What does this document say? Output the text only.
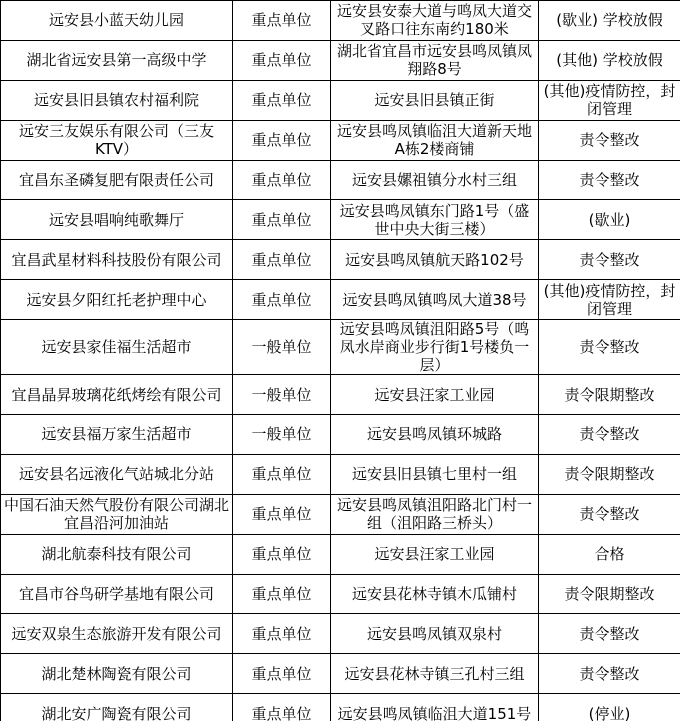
远安县小蓝天幼儿园	重点单位	远安县安泰大道与鸣凤大道交叉路口往东南约180米	(歇业) 学校放假
湖北省远安县第一高级中学	重点单位	湖北省宜昌市远安县鸣凤镇凤翔路8号	(其他) 学校放假
远安县旧县镇农村福利院	重点单位	远安县旧县镇正街	(其他)疫情防控，封闭管理
远安三友娱乐有限公司（三友KTV）	重点单位	远安县鸣凤镇临沮大道新天地A栋2楼商铺	责令整改
宜昌东圣磷复肥有限责任公司	重点单位	远安县嫘祖镇分水村三组	责令整改
远安县唱响纯歌舞厅	重点单位	远安县鸣凤镇东门路1号（盛世中央大街三楼）	(歇业)
宜昌武星材料科技股份有限公司	重点单位	远安县鸣凤镇航天路102号	责令整改
远安县夕阳红托老护理中心	重点单位	远安县鸣凤镇鸣凤大道38号	(其他)疫情防控，封闭管理
远安县家佳福生活超市	一般单位	远安县鸣凤镇沮阳路5号（鸣凤水岸商业步行街1号楼负一层）	责令整改
宜昌晶昇玻璃花纸烤绘有限公司	一般单位	远安县汪家工业园	责令限期整改
远安县福万家生活超市	一般单位	远安县鸣凤镇环城路	责令整改
远安县名远液化气站城北分站	重点单位	远安县旧县镇七里村一组	责令限期整改
中国石油天然气股份有限公司湖北宜昌沿河加油站	重点单位	远安县鸣凤镇沮阳路北门村一组（沮阳路三桥头）	责令整改
湖北航泰科技有限公司	重点单位	远安县汪家工业园	合格
宜昌市谷鸟研学基地有限公司	重点单位	远安县花林寺镇木瓜铺村	责令限期整改
远安双泉生态旅游开发有限公司	重点单位	远安县鸣凤镇双泉村	责令整改
湖北楚林陶瓷有限公司	重点单位	远安县花林寺镇三孔村三组	责令整改
湖北安广陶瓷有限公司	重点单位	远安县鸣凤镇临沮大道151号	(停业)
